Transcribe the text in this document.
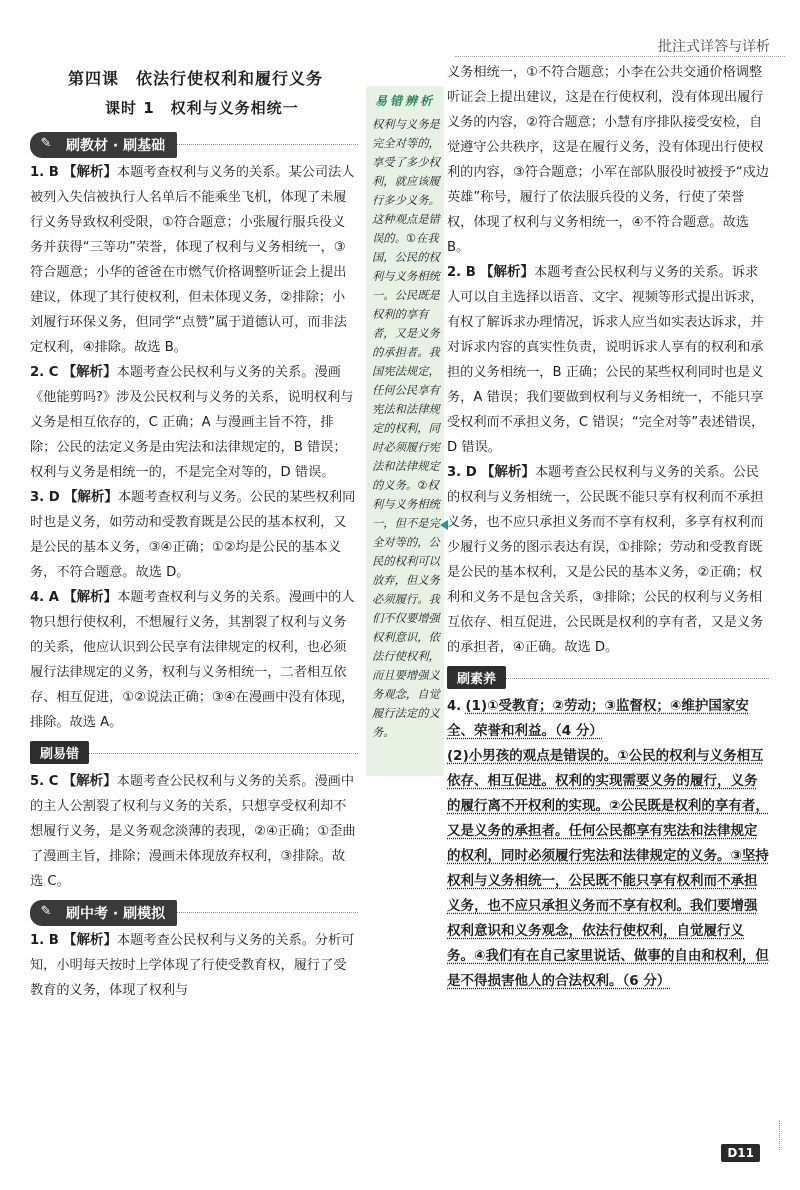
批注式详答与详析
第四课　依法行使权利和履行义务
课时 1　权利与义务相统一
✎	刷教材 · 刷基础
1. B 【解析】本题考查权利与义务的关系。某公司法人被列入失信被执行人名单后不能乘坐飞机，体现了未履行义务导致权利受限，①符合题意；小张履行服兵役义务并获得“三等功”荣誉，体现了权利与义务相统一，③符合题意；小华的爸爸在市燃气价格调整听证会上提出建议，体现了其行使权利，但未体现义务，②排除；小刘履行环保义务，但同学“点赞”属于道德认可，而非法定权利，④排除。故选 B。
2. C 【解析】本题考查公民权利与义务的关系。漫画《他能剪吗?》涉及公民权利与义务的关系，说明权利与义务是相互依存的，C 正确；A 与漫画主旨不符，排除；公民的法定义务是由宪法和法律规定的，B 错误；权利与义务是相统一的，不是完全对等的，D 错误。
3. D 【解析】本题考查权利与义务。公民的某些权利同时也是义务，如劳动和受教育既是公民的基本权利，又是公民的基本义务，③④正确；①②均是公民的基本义务，不符合题意。故选 D。
4. A 【解析】本题考查权利与义务的关系。漫画中的人物只想行使权利，不想履行义务，其割裂了权利与义务的关系，他应认识到公民享有法律规定的权利，也必须履行法律规定的义务，权利与义务相统一，二者相互依存、相互促进，①②说法正确；③④在漫画中没有体现，排除。故选 A。
刷易错
5. C 【解析】本题考查公民权利与义务的关系。漫画中的主人公割裂了权利与义务的关系，只想享受权利却不想履行义务，是义务观念淡薄的表现，②④正确；①歪曲了漫画主旨，排除；漫画未体现放弃权利，③排除。故选 C。
✎	刷中考 · 刷模拟
1. B 【解析】本题考查公民权利与义务的关系。分析可知，小明每天按时上学体现了行使受教育权，履行了受教育的义务，体现了权利与
易错辨析
权利与义务是完全对等的，享受了多少权利，就应该履行多少义务。这种观点是错误的。①在我国，公民的权利与义务相统一。公民既是权利的享有者，又是义务的承担者。我国宪法规定，任何公民享有宪法和法律规定的权利，同时必须履行宪法和法律规定的义务。②权利与义务相统一，但不是完全对等的，公民的权利可以放弃，但义务必须履行。我们不仅要增强权利意识，依法行使权利，而且要增强义务观念，自觉履行法定的义务。
义务相统一，①不符合题意；小李在公共交通价格调整听证会上提出建议，这是在行使权利，没有体现出履行义务的内容，②符合题意；小慧有序排队接受安检，自觉遵守公共秩序，这是在履行义务，没有体现出行使权利的内容，③符合题意；小军在部队服役时被授予“戍边英雄”称号，履行了依法服兵役的义务，行使了荣誉权，体现了权利与义务相统一，④不符合题意。故选 B。
2. B 【解析】本题考查公民权利与义务的关系。诉求人可以自主选择以语音、文字、视频等形式提出诉求，有权了解诉求办理情况，诉求人应当如实表达诉求，并对诉求内容的真实性负责，说明诉求人享有的权利和承担的义务相统一，B 正确；公民的某些权利同时也是义务，A 错误；我们要做到权利与义务相统一，不能只享受权利而不承担义务，C 错误；“完全对等”表述错误，D 错误。
3. D 【解析】本题考查公民权利与义务的关系。公民的权利与义务相统一，公民既不能只享有权利而不承担义务，也不应只承担义务而不享有权利，多享有权利而少履行义务的图示表达有误，①排除；劳动和受教育既是公民的基本权利，又是公民的基本义务，②正确；权利和义务不是包含关系，③排除；公民的权利与义务相互依存、相互促进，公民既是权利的享有者，又是义务的承担者，④正确。故选 D。
刷素养
4. (1)①受教育；②劳动；③监督权；④维护国家安全、荣誉和利益。（4 分）
(2)小男孩的观点是错误的。①公民的权利与义务相互依存、相互促进。权利的实现需要义务的履行，义务的履行离不开权利的实现。②公民既是权利的享有者，又是义务的承担者。任何公民都享有宪法和法律规定的权利，同时必须履行宪法和法律规定的义务。③坚持权利与义务相统一，公民既不能只享有权利而不承担义务，也不应只承担义务而不享有权利。我们要增强权利意识和义务观念，依法行使权利，自觉履行义务。④我们有在自己家里说话、做事的自由和权利，但是不得损害他人的合法权利。（6 分）
D11
